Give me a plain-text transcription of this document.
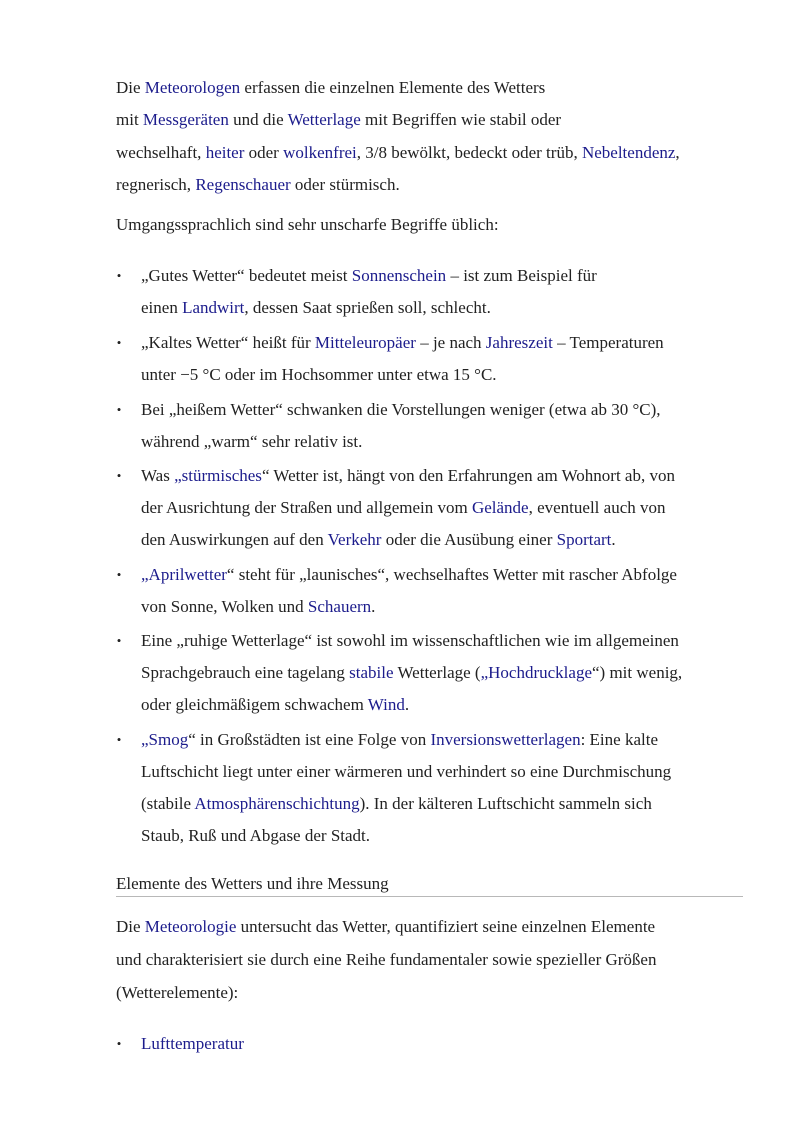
Die Meteorologen erfassen die einzelnen Elemente des Wetters
mit Messgeräten und die Wetterlage mit Begriffen wie stabil oder
wechselhaft, heiter oder wolkenfrei, 3/8 bewölkt, bedeckt oder trüb, Nebeltendenz,
regnerisch, Regenschauer oder stürmisch.
Umgangssprachlich sind sehr unscharfe Begriffe üblich:
• „Gutes Wetter“ bedeutet meist Sonnenschein – ist zum Beispiel für
einen Landwirt, dessen Saat sprießen soll, schlecht.
• „Kaltes Wetter“ heißt für Mitteleuropäer – je nach Jahreszeit – Temperaturen
unter −5 °C oder im Hochsommer unter etwa 15 °C.
• Bei „heißem Wetter“ schwanken die Vorstellungen weniger (etwa ab 30 °C),
während „warm“ sehr relativ ist.
• Was „stürmisches“ Wetter ist, hängt von den Erfahrungen am Wohnort ab, von
der Ausrichtung der Straßen und allgemein vom Gelände, eventuell auch von
den Auswirkungen auf den Verkehr oder die Ausübung einer Sportart.
• „Aprilwetter“ steht für „launisches“, wechselhaftes Wetter mit rascher Abfolge
von Sonne, Wolken und Schauern.
• Eine „ruhige Wetterlage“ ist sowohl im wissenschaftlichen wie im allgemeinen
Sprachgebrauch eine tagelang stabile Wetterlage („Hochdrucklage“) mit wenig,
oder gleichmäßigem schwachem Wind.
• „Smog“ in Großstädten ist eine Folge von Inversionswetterlagen: Eine kalte
Luftschicht liegt unter einer wärmeren und verhindert so eine Durchmischung
(stabile Atmosphärenschichtung). In der kälteren Luftschicht sammeln sich
Staub, Ruß und Abgase der Stadt.
Elemente des Wetters und ihre Messung
Die Meteorologie untersucht das Wetter, quantifiziert seine einzelnen Elemente
und charakterisiert sie durch eine Reihe fundamentaler sowie spezieller Größen
(Wetterelemente):
• Lufttemperatur
